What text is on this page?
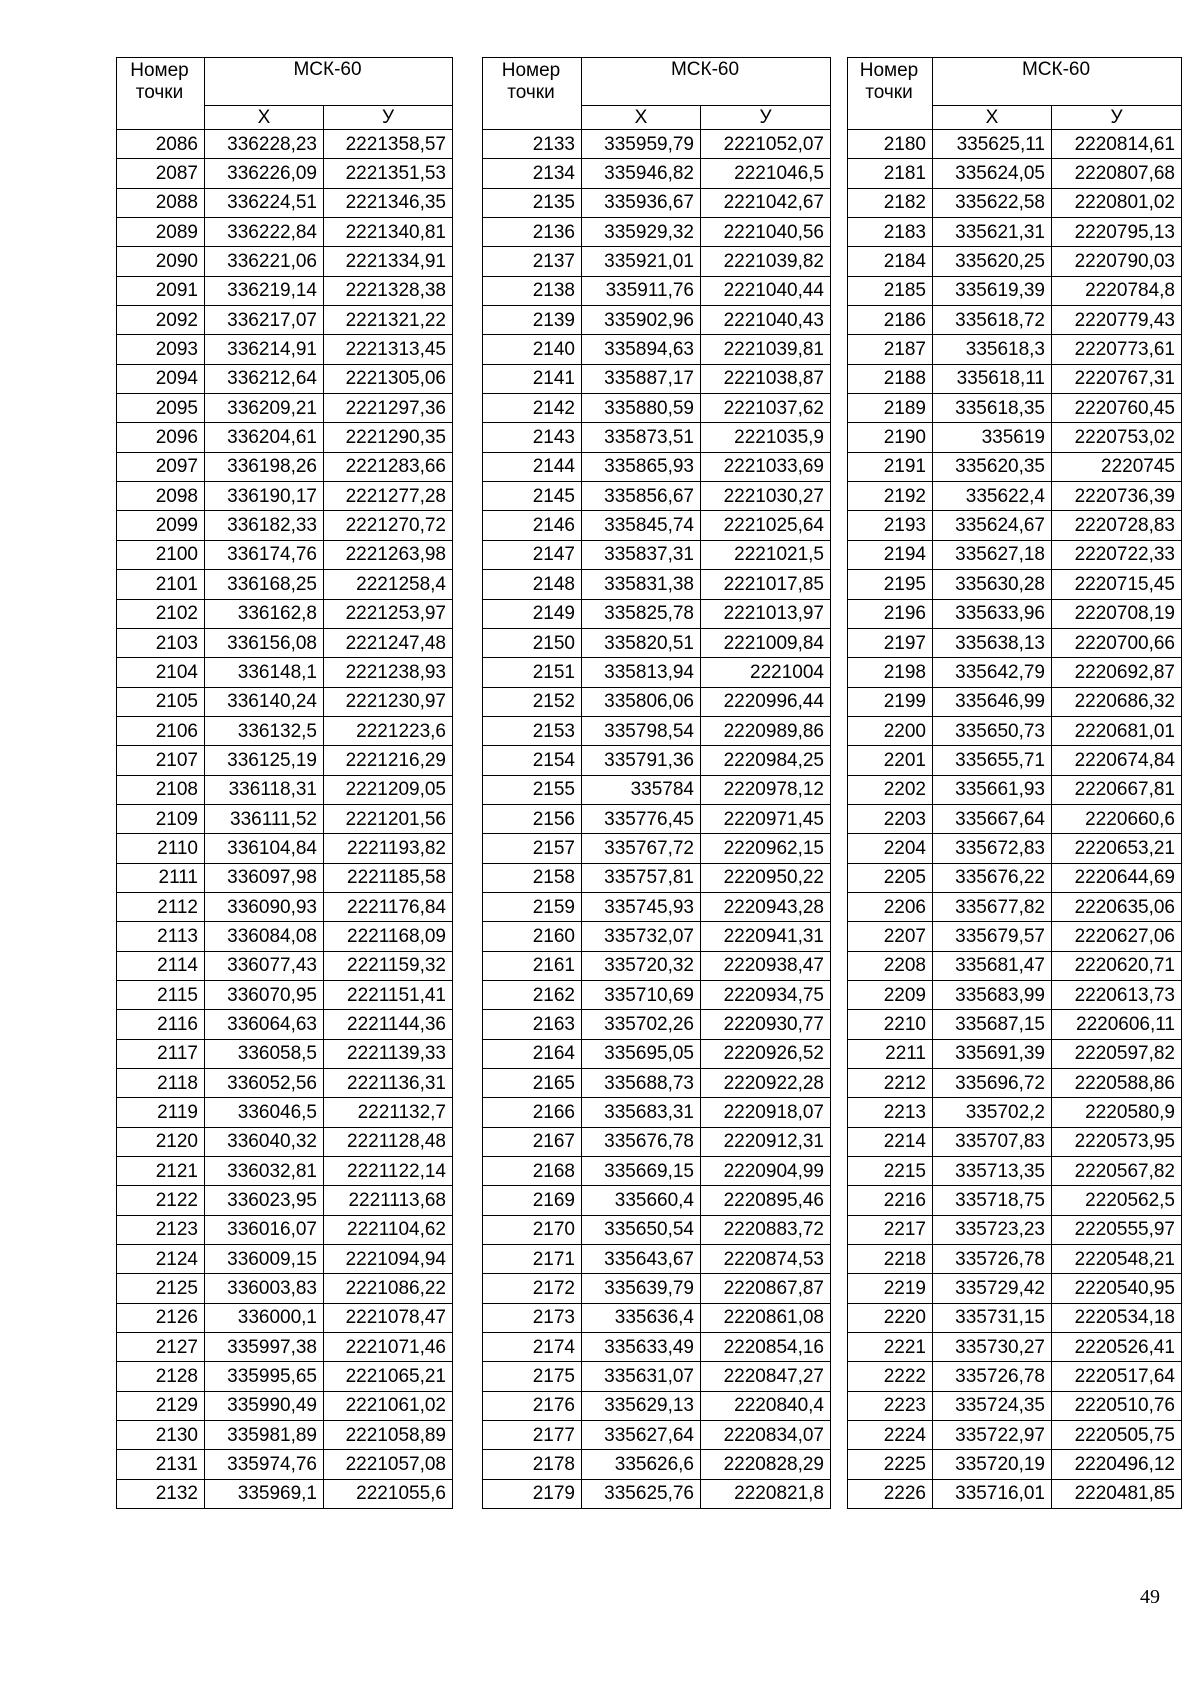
Номер
точки	МСК-60	
	Х	У
2086	336228,23	2221358,57
2087	336226,09	2221351,53
2088	336224,51	2221346,35
2089	336222,84	2221340,81
2090	336221,06	2221334,91
2091	336219,14	2221328,38
2092	336217,07	2221321,22
2093	336214,91	2221313,45
2094	336212,64	2221305,06
2095	336209,21	2221297,36
2096	336204,61	2221290,35
2097	336198,26	2221283,66
2098	336190,17	2221277,28
2099	336182,33	2221270,72
2100	336174,76	2221263,98
2101	336168,25	2221258,4
2102	336162,8	2221253,97
2103	336156,08	2221247,48
2104	336148,1	2221238,93
2105	336140,24	2221230,97
2106	336132,5	2221223,6
2107	336125,19	2221216,29
2108	336118,31	2221209,05
2109	336111,52	2221201,56
2110	336104,84	2221193,82
2111	336097,98	2221185,58
2112	336090,93	2221176,84
2113	336084,08	2221168,09
2114	336077,43	2221159,32
2115	336070,95	2221151,41
2116	336064,63	2221144,36
2117	336058,5	2221139,33
2118	336052,56	2221136,31
2119	336046,5	2221132,7
2120	336040,32	2221128,48
2121	336032,81	2221122,14
2122	336023,95	2221113,68
2123	336016,07	2221104,62
2124	336009,15	2221094,94
2125	336003,83	2221086,22
2126	336000,1	2221078,47
2127	335997,38	2221071,46
2128	335995,65	2221065,21
2129	335990,49	2221061,02
2130	335981,89	2221058,89
2131	335974,76	2221057,08
2132	335969,1	2221055,6
Номер
точки	МСК-60	
	Х	У
2133	335959,79	2221052,07
2134	335946,82	2221046,5
2135	335936,67	2221042,67
2136	335929,32	2221040,56
2137	335921,01	2221039,82
2138	335911,76	2221040,44
2139	335902,96	2221040,43
2140	335894,63	2221039,81
2141	335887,17	2221038,87
2142	335880,59	2221037,62
2143	335873,51	2221035,9
2144	335865,93	2221033,69
2145	335856,67	2221030,27
2146	335845,74	2221025,64
2147	335837,31	2221021,5
2148	335831,38	2221017,85
2149	335825,78	2221013,97
2150	335820,51	2221009,84
2151	335813,94	2221004
2152	335806,06	2220996,44
2153	335798,54	2220989,86
2154	335791,36	2220984,25
2155	335784	2220978,12
2156	335776,45	2220971,45
2157	335767,72	2220962,15
2158	335757,81	2220950,22
2159	335745,93	2220943,28
2160	335732,07	2220941,31
2161	335720,32	2220938,47
2162	335710,69	2220934,75
2163	335702,26	2220930,77
2164	335695,05	2220926,52
2165	335688,73	2220922,28
2166	335683,31	2220918,07
2167	335676,78	2220912,31
2168	335669,15	2220904,99
2169	335660,4	2220895,46
2170	335650,54	2220883,72
2171	335643,67	2220874,53
2172	335639,79	2220867,87
2173	335636,4	2220861,08
2174	335633,49	2220854,16
2175	335631,07	2220847,27
2176	335629,13	2220840,4
2177	335627,64	2220834,07
2178	335626,6	2220828,29
2179	335625,76	2220821,8
Номер
точки	МСК-60	
	Х	У
2180	335625,11	2220814,61
2181	335624,05	2220807,68
2182	335622,58	2220801,02
2183	335621,31	2220795,13
2184	335620,25	2220790,03
2185	335619,39	2220784,8
2186	335618,72	2220779,43
2187	335618,3	2220773,61
2188	335618,11	2220767,31
2189	335618,35	2220760,45
2190	335619	2220753,02
2191	335620,35	2220745
2192	335622,4	2220736,39
2193	335624,67	2220728,83
2194	335627,18	2220722,33
2195	335630,28	2220715,45
2196	335633,96	2220708,19
2197	335638,13	2220700,66
2198	335642,79	2220692,87
2199	335646,99	2220686,32
2200	335650,73	2220681,01
2201	335655,71	2220674,84
2202	335661,93	2220667,81
2203	335667,64	2220660,6
2204	335672,83	2220653,21
2205	335676,22	2220644,69
2206	335677,82	2220635,06
2207	335679,57	2220627,06
2208	335681,47	2220620,71
2209	335683,99	2220613,73
2210	335687,15	2220606,11
2211	335691,39	2220597,82
2212	335696,72	2220588,86
2213	335702,2	2220580,9
2214	335707,83	2220573,95
2215	335713,35	2220567,82
2216	335718,75	2220562,5
2217	335723,23	2220555,97
2218	335726,78	2220548,21
2219	335729,42	2220540,95
2220	335731,15	2220534,18
2221	335730,27	2220526,41
2222	335726,78	2220517,64
2223	335724,35	2220510,76
2224	335722,97	2220505,75
2225	335720,19	2220496,12
2226	335716,01	2220481,85
49
